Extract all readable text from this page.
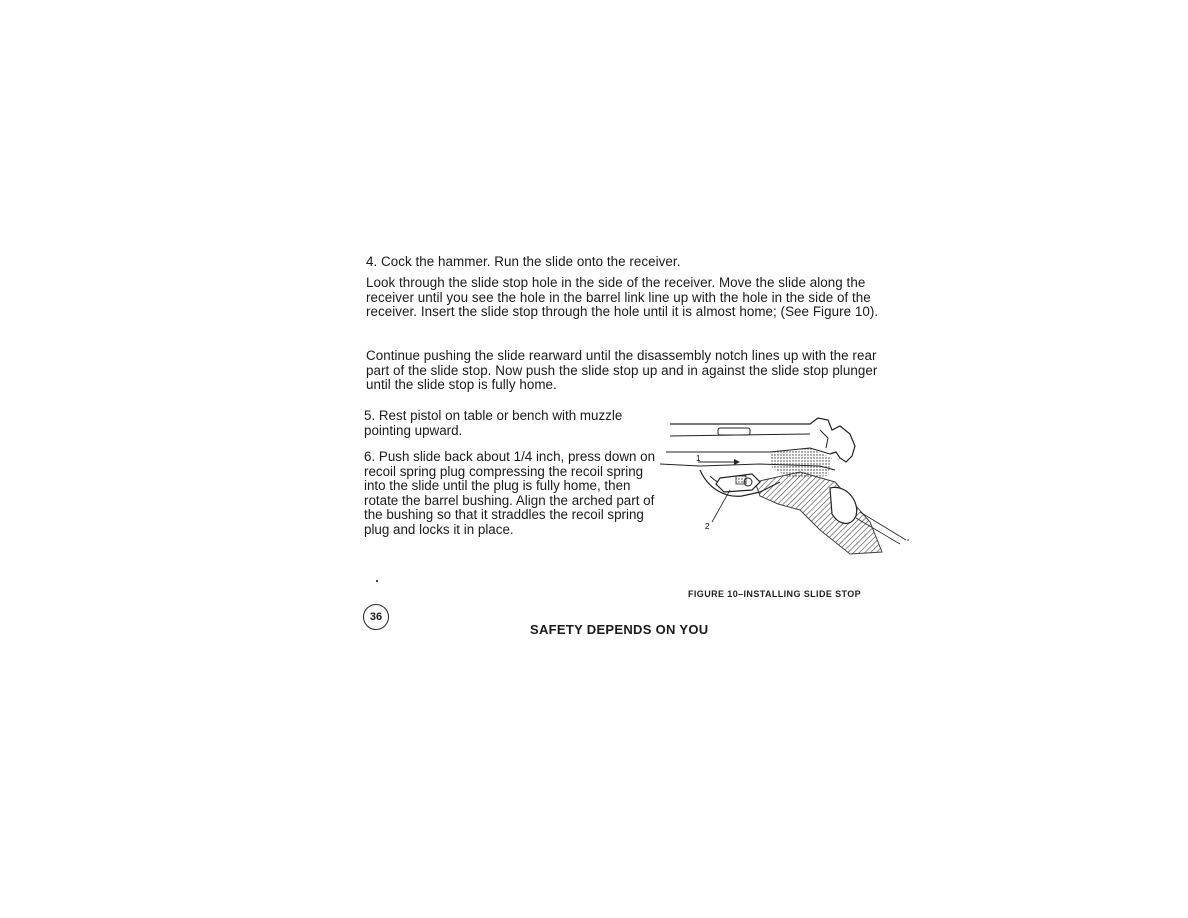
4. Cock the hammer. Run the slide onto the receiver.

Look through the slide stop hole in the side of the receiver. Move the slide along the receiver until you see the hole in the barrel link line up with the hole in the side of the receiver. Insert the slide stop through the hole until it is almost home; (See Figure 10).

Continue pushing the slide rearward until the disassembly notch lines up with the rear part of the slide stop. Now push the slide stop up and in against the slide stop plunger until the slide stop is fully home.

5. Rest pistol on table or bench with muzzle pointing upward.

6. Push slide back about 1/4 inch, press down on recoil spring plug compressing the recoil spring into the slide until the plug is fully home, then rotate the barrel bushing. Align the arched part of the bushing so that it straddles the recoil spring plug and locks it in place.

1
2
FIGURE 10–INSTALLING SLIDE STOP
36
SAFETY DEPENDS ON YOU
